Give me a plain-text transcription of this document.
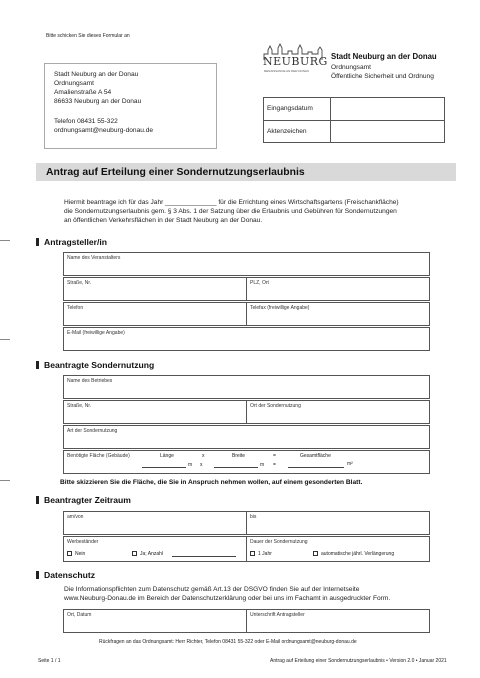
Bitte schicken Sie dieses Formular an
NEUBURG
RENAISSANCE AN DER DONAU
Stadt Neuburg an der Donau
Ordnungsamt
Öffentliche Sicherheit und Ordnung
Stadt Neuburg an der Donau
Ordnungsamt
Amalienstraße A 54
86633 Neuburg an der Donau
Telefon 08431 55-322
ordnungsamt@neuburg-donau.de
Eingangsdatum
Aktenzeichen
Antrag auf Erteilung einer Sondernutzungserlaubnis
Hiermit beantrage ich für das Jahr ______________ für die Errichtung eines Wirtschaftsgartens (Freischankfläche)
die Sondernutzungserlaubnis gem. § 3 Abs. 1 der Satzung über die Erlaubnis und Gebühren für Sondernutzungen
an öffentlichen Verkehrsflächen in der Stadt Neuburg an der Donau.
Antragsteller/in
Name des Veranstalters
Straße, Nr.	PLZ, Ort
Telefon	Telefax (freiwillige Angabe)
E-Mail (freiwillige Angabe)
Beantragte Sondernutzung
Name des Betriebes
Straße, Nr.	Ort der Sondernutzung
Art der Sondernutzung
Benötigte Fläche (Gebäude)	Länge	x	Breite	=	Gesamtfläche
m x	m =	m²
Bitte skizzieren Sie die Fläche, die Sie in Anspruch nehmen wollen, auf einem gesonderten Blatt.
Beantragter Zeitraum
am/von	bis
Werbeständer
Nein	Ja; Anzahl
Dauer der Sondernutzung
1 Jahr	automatische jährl. Verlängerung
Datenschutz
Die Informationspflichten zum Datenschutz gemäß Art.13 der DSGVO finden Sie auf der Internetseite
www.Neuburg-Donau.de im Bereich der Datenschutzerklärung oder bei uns im Fachamt in ausgedruckter Form.
Ort, Datum	Unterschrift Antragsteller
Rückfragen an das Ordnungsamt: Herr Richter, Telefon 08431 55-322 oder E-Mail ordnungsamt@neuburg-donau.de
Seite 1 / 1	Antrag auf Erteilung einer Sondernutzungserlaubnis • Version 2.0 • Januar 2021
